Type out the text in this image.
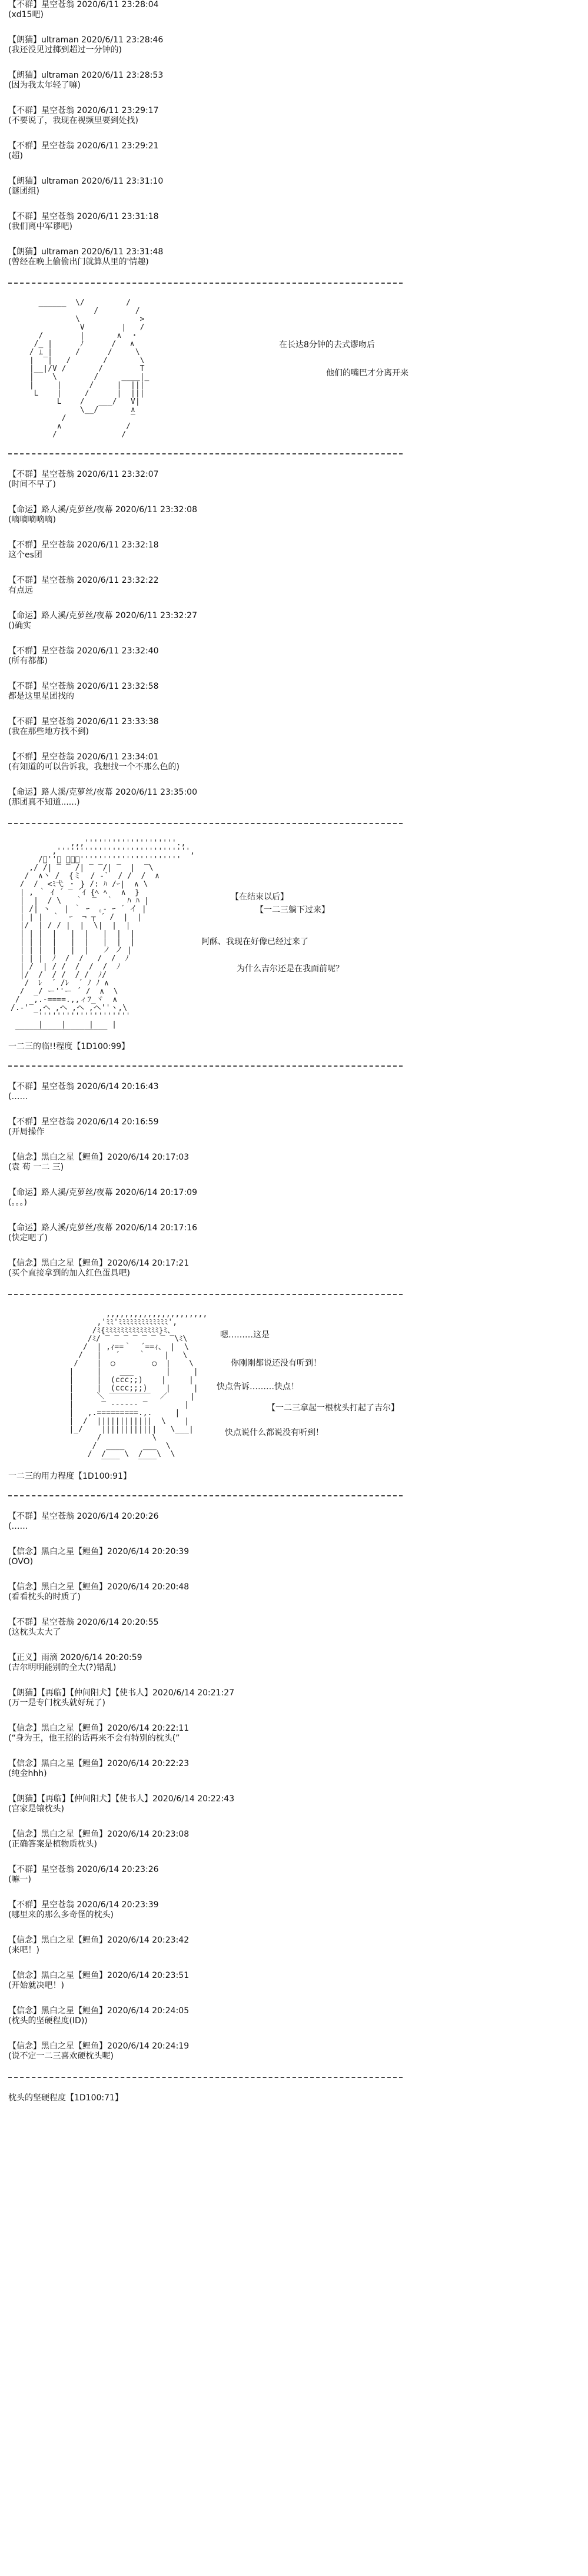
【不群】星空苍翁 2020/6/11 23:28:04
(xd15吧)
【朗猫】ultraman 2020/6/11 23:28:46
(我还没见过掷到超过一分钟的)
【朗猫】ultraman 2020/6/11 23:28:53
(因为我太年轻了嘛)
【不群】星空苍翁 2020/6/11 23:29:17
(不要说了，我现在视频里要到处找)
【不群】星空苍翁 2020/6/11 23:29:21
(超)
【朗猫】ultraman 2020/6/11 23:31:10
(谜团组)
【不群】星空苍翁 2020/6/11 23:31:18
(我们离中军谬吧)
【朗猫】ultraman 2020/6/11 23:31:48
(曾经在晚上偷偷出门就算从里的'情趣)
______  \/         /
/        /
\             >
V        |   /
/        |       ∧  ・
/_ |      ﾉ      /   ∧
/ ⊥ |     /      /     \
|  ‾|   /       /       \
|__|/V /       /        T
|    \        /     ____|_
|     |      /     |  |||
L    |     /      |  |||
L    /   ___/   V|
\__/       ∧
/              ‾
∧              /
/              /
在长达8分钟的去式谬吻后
他们的嘴巴才分离开来
【不群】星空苍翁 2020/6/11 23:32:07
(时间不早了)
【命运】路人溪/克萝丝/夜幕 2020/6/11 23:32:08
(嘀嘀嘀嘀嘀)
【不群】星空苍翁 2020/6/11 23:32:18
这个es团
【不群】星空苍翁 2020/6/11 23:32:22
有点远
【命运】路人溪/克萝丝/夜幕 2020/6/11 23:32:27
()确实
【不群】星空苍翁 2020/6/11 23:32:40
(所有都都)
【不群】星空苍翁 2020/6/11 23:32:58
都是这里星团找的
【不群】星空苍翁 2020/6/11 23:33:38
(我在那些地方找不到)
【不群】星空苍翁 2020/6/11 23:34:01
(有知道的可以告诉我，我想找一个不那么色的)
【命运】路人溪/克萝丝/夜幕 2020/6/11 23:35:00
(那团真不知道......)
,,,''''''''''''''''''''.,
,''''''''''''''''''''''''''''',
/ﾞ''ﾞ ﾞﾞﾞ''''''''''''''''''''''
,/ /| ‾ ‾ /| ‾ ‾/| ‾  |  ‾\
/  ∧丶 /  {ミ  / -`  / /  /  ∧
/  /  <ﾐ弋 ・ } /: ﾊ /ｰ|  ∧ \
| , ｀ ｲ ´ ‾ ´ｲ {ﾍ ﾍ   ∧  }
|  |  / \   ｀  ‾  ｀   ﾊ ﾊ |
| /| ヽ   | ｀ ｰ  ｡- ｰ ´ イ |
| | |  ｀  ｰ  ¬ ┬ ´ /  |  |
|/  | / / |  |  \|  |  |
| | |  |   |  |   |  |  |
| | |  |   |  |   |  |  |
| | |  |   |  |   ノ ノ |
| | |  ﾉ  /  /   /  /  ﾉ
| /  | / /  /  /  /  ﾉ
|/  /  / /  / /  ﾉ/
/  ﾚ  ´ /ﾚ  ´ ﾉ ﾉ ∧
/  _/ ー''ー ´ /  ∧  \
/   ,.-====.,,ィﾌ_ヾ  ∧
/.-'‾ ,ヘ ,ヘ ,ヘ ,ヘ''ヽ,\
‾''''''''''''''''''''
|    |     |    |
‾‾‾‾‾‾‾‾‾‾‾‾‾‾‾‾‾‾‾‾
【在结束以后】
【一二三躺下过来】
阿酥、我现在好像已经过来了
为什么吉尔还是在我面前呢？
一二三的临!!程度【1D100:99】
【不群】星空苍翁 2020/6/14 20:16:43
(……
【不群】星空苍翁 2020/6/14 20:16:59
(开局操作
【信念】黑白之星【鲤鱼】2020/6/14 20:17:03
(袁 苟 一二 三)
【命运】路人溪/克萝丝/夜幕 2020/6/14 20:17:09
(。。。)
【命运】路人溪/克萝丝/夜幕 2020/6/14 20:17:16
(快定吧了)
【信念】黑白之星【鲤鱼】2020/6/14 20:17:21
(买个直接拿到的加入红色蛋具吧)
,,,,,,,,,,,,,,,,,,,,,,
,'ﾐﾐ'ﾐﾐﾐﾐﾐﾐﾐﾐﾐﾐﾐﾐﾐ',
/ﾐ{ﾐﾐﾐﾐﾐﾐﾐﾐﾐﾐﾐﾐﾐﾐ}ﾐ、
/ﾐ/ ‾ ‾ ‾ ‾ ‾ ‾ ‾ ‾\ﾐ\
/  | ,ｨ==｀  ´==ｨ、 |  \
/   |   ´    ｀    |   \
/    |  ○        ○  |    \
|     |    ___       |     |
|     |  (ccc;;)    |     |
|     |  (ccc;;;)    |     |
|     ＼ ‾‾‾‾‾‾‾‾‾  ／     |
|      ‾ --‐‐-- ‾        |
|   ,.=========.,.     |
|  /  ||||||||||||  \    |
|_/    ||||||||||||   \___|
/           \
/  ____    ___  \
/  /    \  /   \  \
‾‾‾‾    ‾‾‾‾
嗯………这是
你刚刚都说还没有听到！
快点告诉………快点！
【一二三拿起一根枕头打起了吉尔】
快点说什么都说没有听到！
一二三的用力程度【1D100:91】
【不群】星空苍翁 2020/6/14 20:20:26
(……
【信念】黑白之星【鲤鱼】2020/6/14 20:20:39
(OVO)
【信念】黑白之星【鲤鱼】2020/6/14 20:20:48
(看看枕头的时质了)
【不群】星空苍翁 2020/6/14 20:20:55
(这枕头太大了
【正义】雨滴 2020/6/14 20:20:59
(吉尔明明能别的全大(?)错乱)
【朗猫】【再临】【仲间阳犬】【使书人】2020/6/14 20:21:27
(万一是专门枕头就好玩了)
【信念】黑白之星【鲤鱼】2020/6/14 20:22:11
(“身为王，他王招的话再来不会有特别的枕头(”
【信念】黑白之星【鲤鱼】2020/6/14 20:22:23
(纯金hhh)
【朗猫】【再临】【仲间阳犬】【使书人】2020/6/14 20:22:43
(宫家是镶枕头)
【信念】黑白之星【鲤鱼】2020/6/14 20:23:08
(正确答案是植物质枕头)
【不群】星空苍翁 2020/6/14 20:23:26
(嘛一)
【不群】星空苍翁 2020/6/14 20:23:39
(哪里来的那么多奇怪的枕头)
【信念】黑白之星【鲤鱼】2020/6/14 20:23:42
(来吧！)
【信念】黑白之星【鲤鱼】2020/6/14 20:23:51
(开始就决吧！)
【信念】黑白之星【鲤鱼】2020/6/14 20:24:05
(枕头的坚硬程度(ID))
【信念】黑白之星【鲤鱼】2020/6/14 20:24:19
(说不定一二三喜欢硬枕头呢)
枕头的坚硬程度【1D100:71】
